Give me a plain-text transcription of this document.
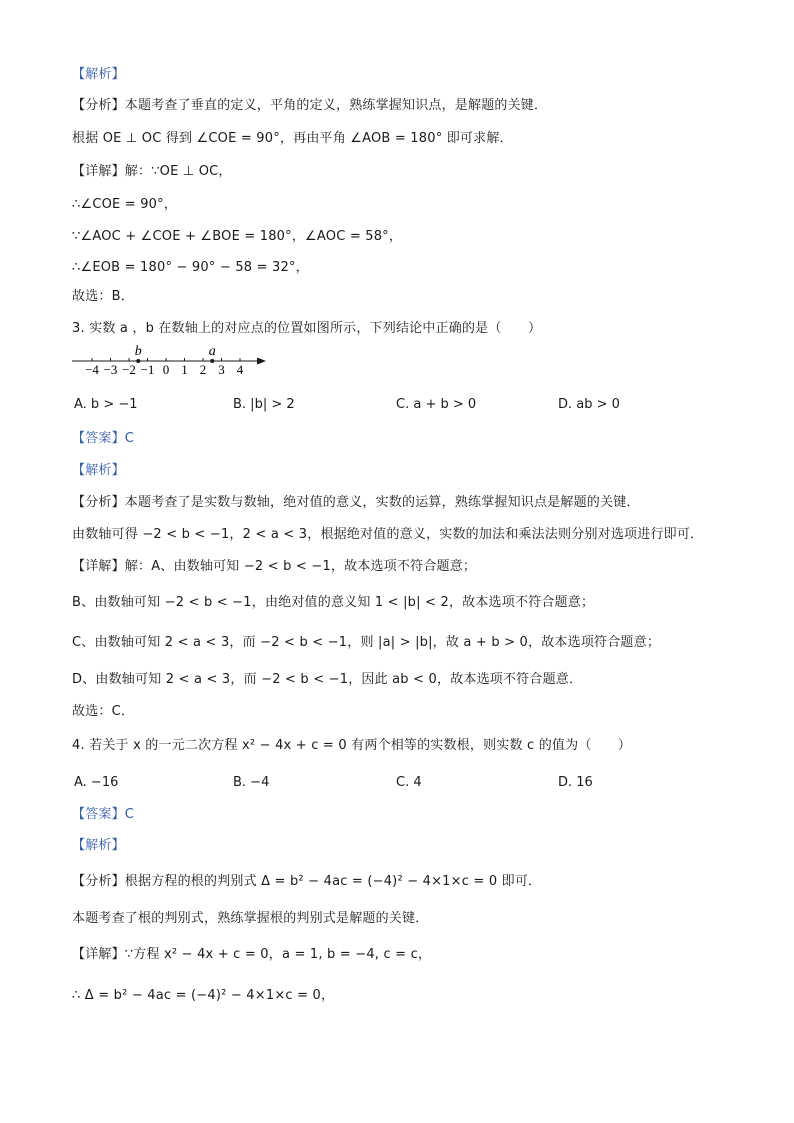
【解析】
【分析】本题考查了垂直的定义，平角的定义，熟练掌握知识点，是解题的关键．
根据 OE ⊥ OC 得到 ∠COE = 90°，再由平角 ∠AOB = 180° 即可求解．
【详解】解：∵OE ⊥ OC，
∴∠COE = 90°，
∵∠AOC + ∠COE + ∠BOE = 180°，∠AOC = 58°，
∴∠EOB = 180° − 90° − 58 = 32°，
故选：B．
3. 实数 a ，b 在数轴上的对应点的位置如图所示，下列结论中正确的是（　　）
−4 −3 −2 −1 0 1 2 3 4
b	a
A. b > −1	B. |b| > 2	C. a + b > 0	D. ab > 0
【答案】C
【解析】
【分析】本题考查了是实数与数轴，绝对值的意义，实数的运算，熟练掌握知识点是解题的关键．
由数轴可得 −2 < b < −1，2 < a < 3，根据绝对值的意义，实数的加法和乘法法则分别对选项进行即可．
【详解】解：A、由数轴可知 −2 < b < −1，故本选项不符合题意；
B、由数轴可知 −2 < b < −1，由绝对值的意义知 1 < |b| < 2，故本选项不符合题意；
C、由数轴可知 2 < a < 3，而 −2 < b < −1，则 |a| > |b|，故 a + b > 0，故本选项符合题意；
D、由数轴可知 2 < a < 3，而 −2 < b < −1，因此 ab < 0，故本选项不符合题意．
故选：C．
4. 若关于 x 的一元二次方程 x² − 4x + c = 0 有两个相等的实数根，则实数 c 的值为（　　）
A. −16	B. −4	C. 4	D. 16
【答案】C
【解析】
【分析】根据方程的根的判别式 Δ = b² − 4ac = (−4)² − 4×1×c = 0 即可．
本题考查了根的判别式，熟练掌握根的判别式是解题的关键．
【详解】∵方程 x² − 4x + c = 0，a = 1, b = −4, c = c，
∴ Δ = b² − 4ac = (−4)² − 4×1×c = 0，
